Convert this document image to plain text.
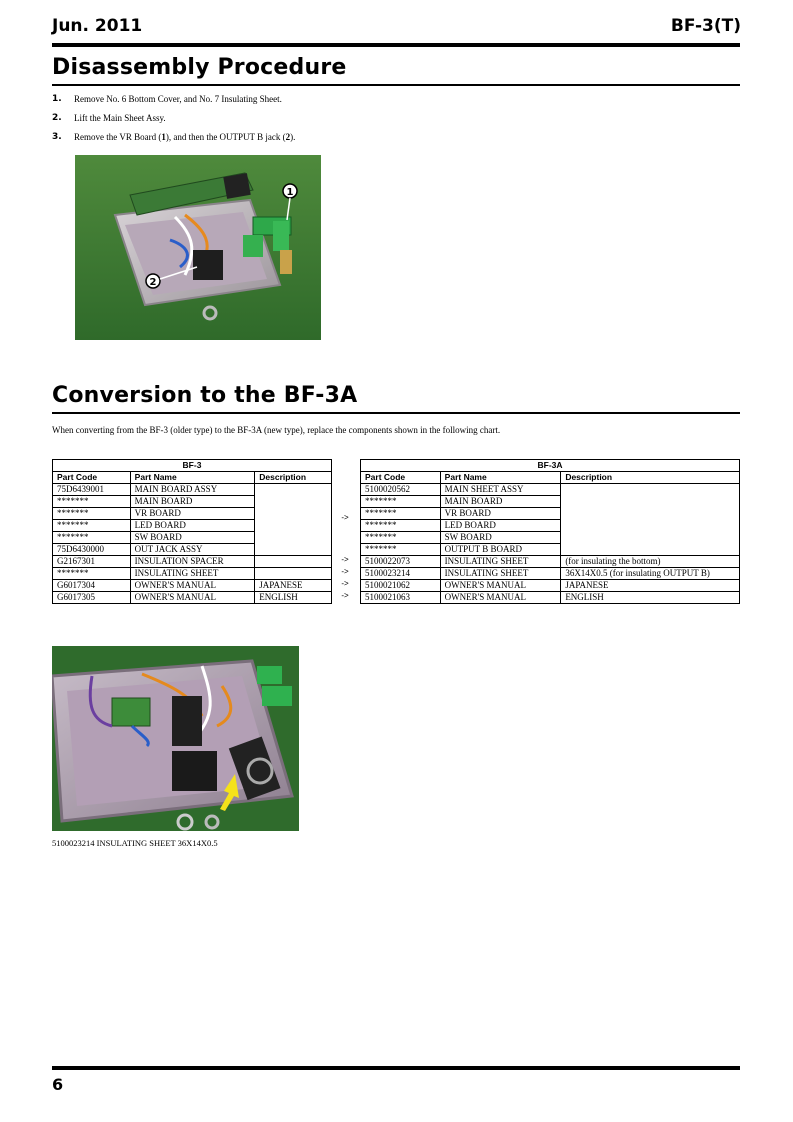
Jun. 2011	BF-3(T)
Disassembly Procedure
1.	Remove No. 6 Bottom Cover, and No. 7 Insulating Sheet.
2.	Lift the Main Sheet Assy.
3.	Remove the VR Board (1), and then the OUTPUT B jack (2).
1
2
Conversion to the BF-3A
When converting from the BF-3 (older type) to the BF-3A (new type), replace the components shown in the following chart.
BF-3		
Part Code	Part Name	Description
75D6439001	MAIN BOARD ASSY	
*******	MAIN BOARD	
*******	VR BOARD	
*******	LED BOARD	
*******	SW BOARD	
75D6430000	OUT JACK ASSY	
G2167301	INSULATION SPACER	
*******	INSULATING SHEET	
G6017304	OWNER'S MANUAL	JAPANESE
G6017305	OWNER'S MANUAL	ENGLISH
->
->
->
->
->
BF-3A		
Part Code	Part Name	Description
5100020562	MAIN SHEET ASSY	
*******	MAIN BOARD	
*******	VR BOARD	
*******	LED BOARD	
*******	SW BOARD	
*******	OUTPUT B BOARD	
5100022073	INSULATING SHEET	(for insulating the bottom)
5100023214	INSULATING SHEET	36X14X0.5 (for insulating OUTPUT B)
5100021062	OWNER'S MANUAL	JAPANESE
5100021063	OWNER'S MANUAL	ENGLISH
5100023214 INSULATING SHEET 36X14X0.5
6
